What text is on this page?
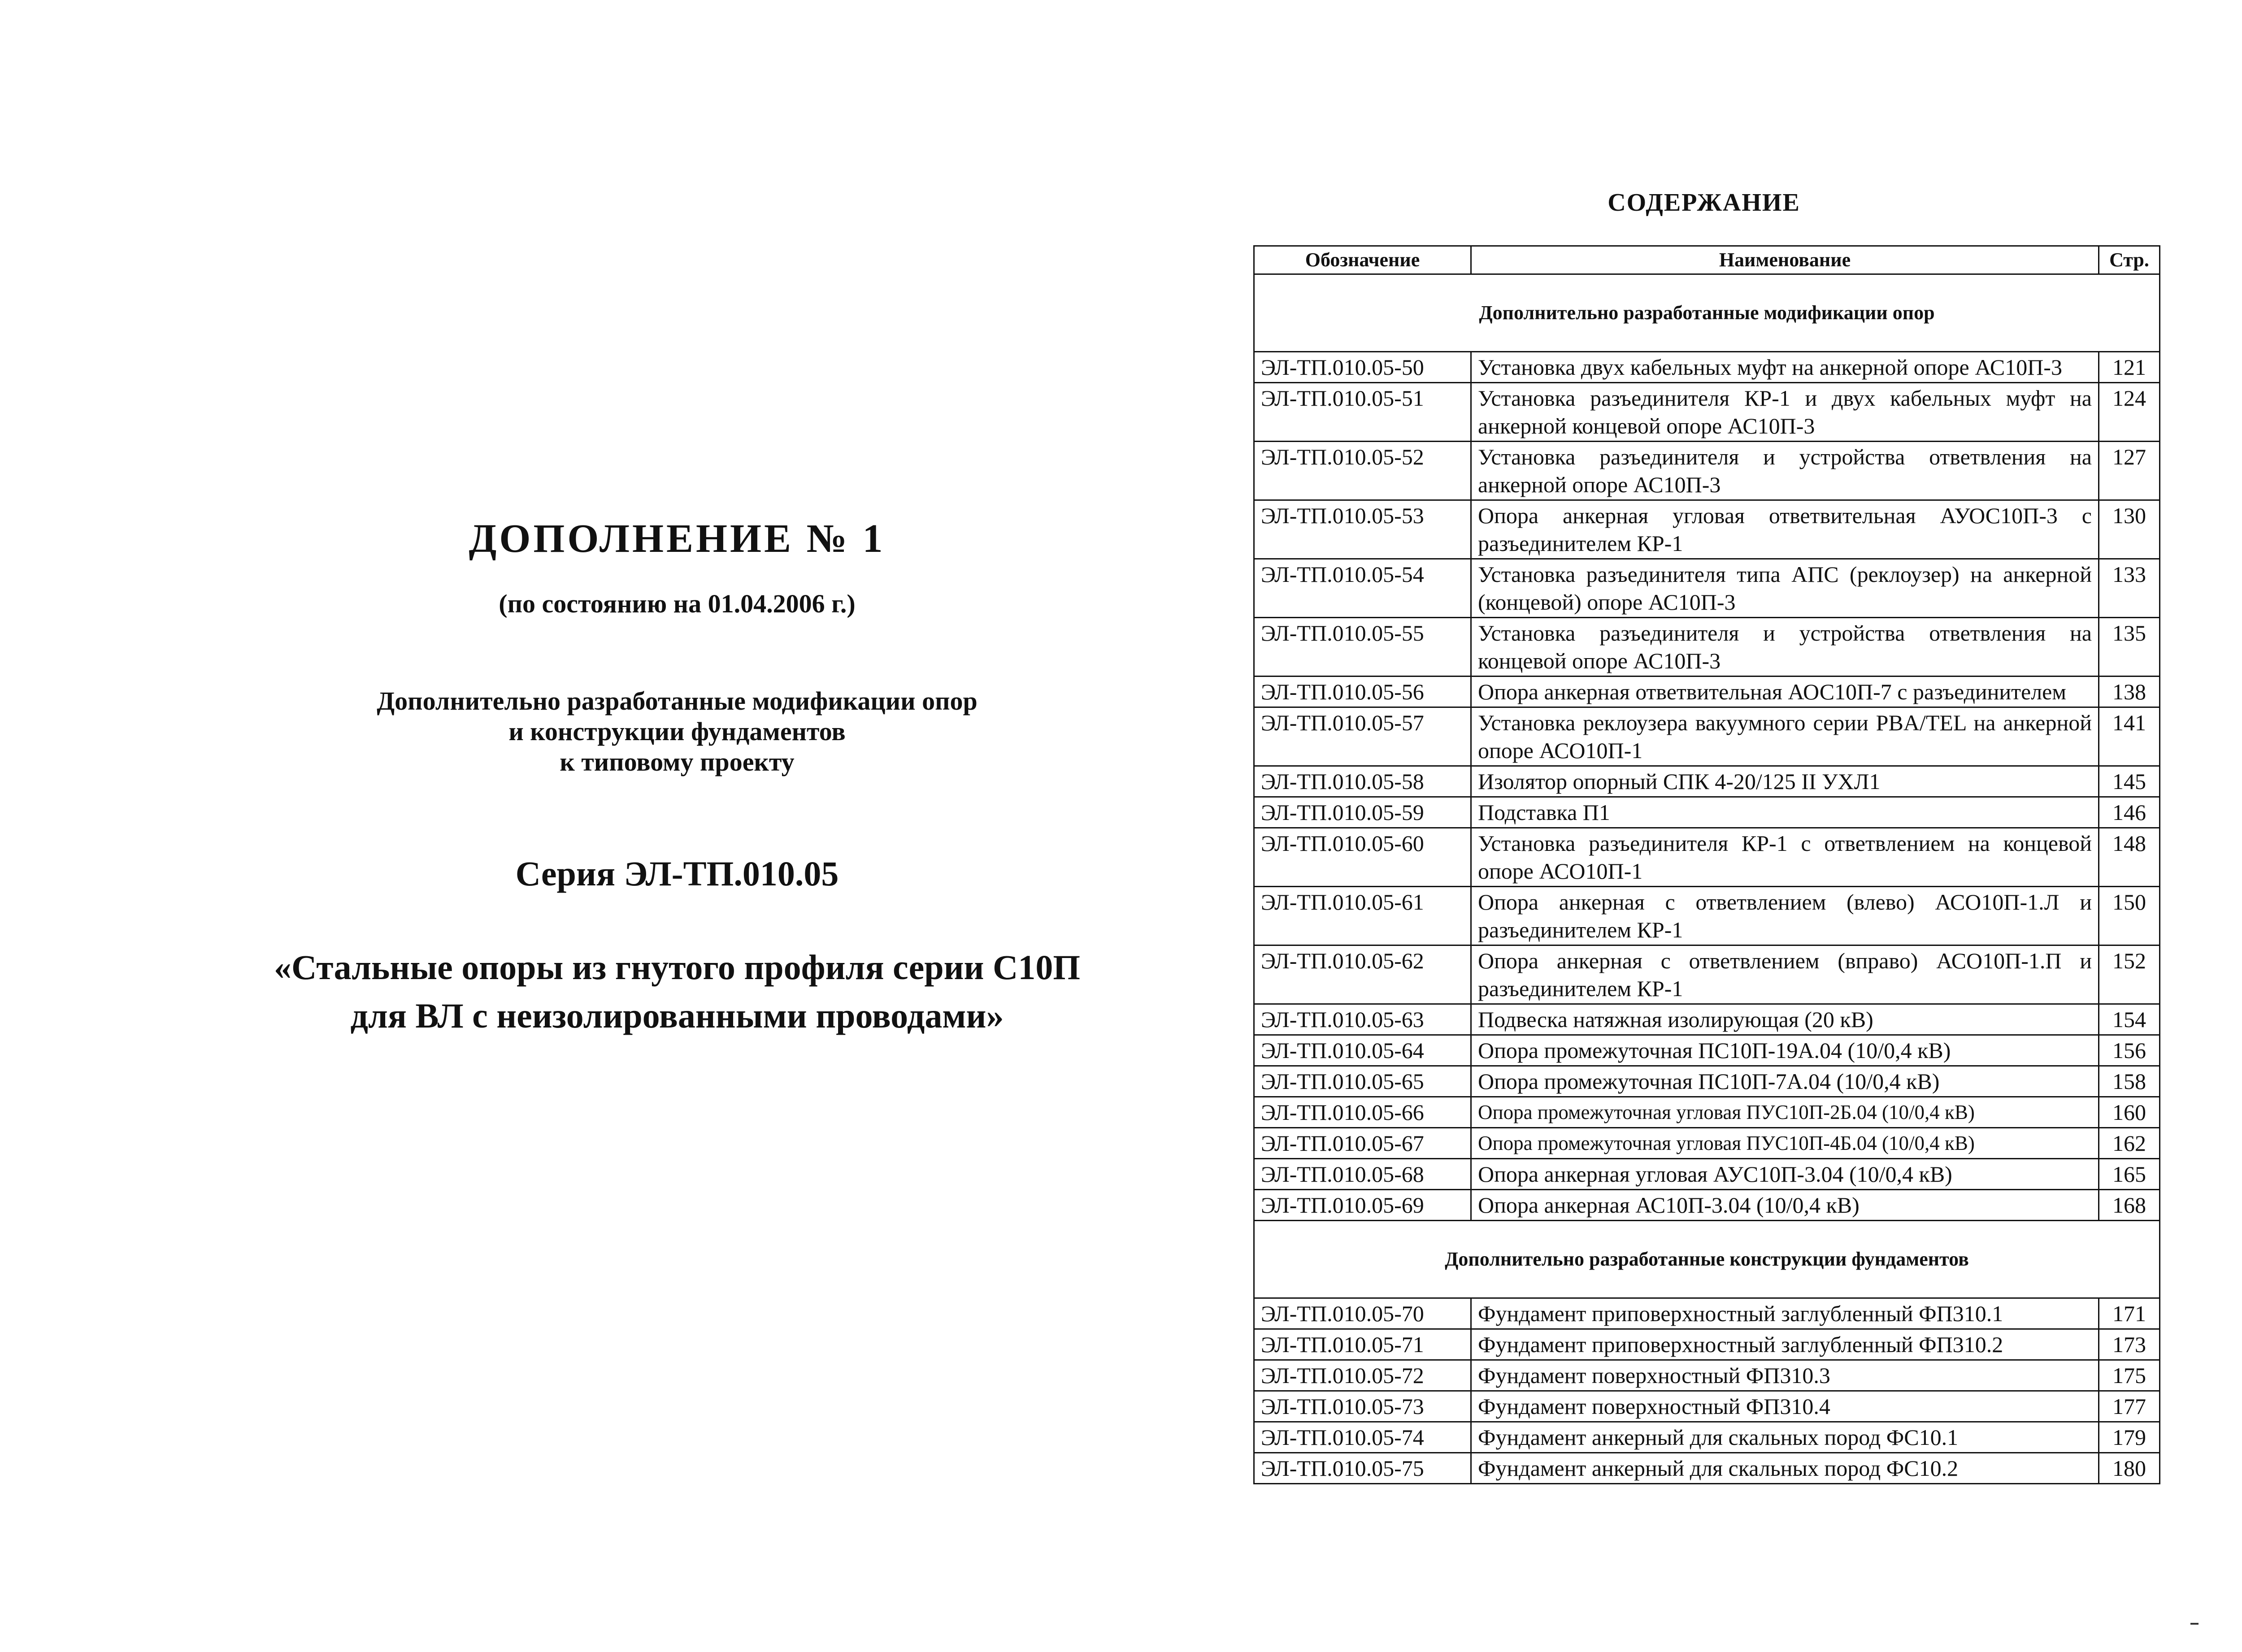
ДОПОЛНЕНИЕ № 1
(по состоянию на 01.04.2006 г.)
Дополнительно разработанные модификации опор
и конструкции фундаментов
к типовому проекту
Серия ЭЛ-ТП.010.05
«Стальные опоры из гнутого профиля серии С10П
для ВЛ с неизолированными проводами»
СОДЕРЖАНИЕ
Обозначение	Наименование	Стр.
Дополнительно разработанные модификации опор		
ЭЛ-ТП.010.05-50	Установка двух кабельных муфт на анкерной опоре АС10П-3	121
ЭЛ-ТП.010.05-51	Установка разъединителя КР-1 и двух кабельных муфт на анкерной концевой опоре АС10П-3	124
ЭЛ-ТП.010.05-52	Установка разъединителя и устройства ответвления на анкерной опоре АС10П-3	127
ЭЛ-ТП.010.05-53	Опора анкерная угловая ответвительная АУОС10П-3 с разъединителем КР-1	130
ЭЛ-ТП.010.05-54	Установка разъединителя типа АПС (реклоузер) на анкерной (концевой) опоре АС10П-3	133
ЭЛ-ТП.010.05-55	Установка разъединителя и устройства ответвления на концевой опоре АС10П-3	135
ЭЛ-ТП.010.05-56	Опора анкерная ответвительная АОС10П-7 с разъединителем	138
ЭЛ-ТП.010.05-57	Установка реклоузера вакуумного серии PBA/TEL на анкерной опоре АСО10П-1	141
ЭЛ-ТП.010.05-58	Изолятор опорный СПК 4-20/125 II УХЛ1	145
ЭЛ-ТП.010.05-59	Подставка П1	146
ЭЛ-ТП.010.05-60	Установка разъединителя КР-1 с ответвлением на концевой опоре АСО10П-1	148
ЭЛ-ТП.010.05-61	Опора анкерная с ответвлением (влево) АСО10П-1.Л и разъединителем КР-1	150
ЭЛ-ТП.010.05-62	Опора анкерная с ответвлением (вправо) АСО10П-1.П и разъединителем КР-1	152
ЭЛ-ТП.010.05-63	Подвеска натяжная изолирующая (20 кВ)	154
ЭЛ-ТП.010.05-64	Опора промежуточная ПС10П-19А.04 (10/0,4 кВ)	156
ЭЛ-ТП.010.05-65	Опора промежуточная ПС10П-7А.04 (10/0,4 кВ)	158
ЭЛ-ТП.010.05-66	Опора промежуточная угловая ПУС10П-2Б.04 (10/0,4 кВ)	160
ЭЛ-ТП.010.05-67	Опора промежуточная угловая ПУС10П-4Б.04 (10/0,4 кВ)	162
ЭЛ-ТП.010.05-68	Опора анкерная угловая АУС10П-3.04 (10/0,4 кВ)	165
ЭЛ-ТП.010.05-69	Опора анкерная АС10П-3.04 (10/0,4 кВ)	168
Дополнительно разработанные конструкции фундаментов		
ЭЛ-ТП.010.05-70	Фундамент приповерхностный заглубленный ФП310.1	171
ЭЛ-ТП.010.05-71	Фундамент приповерхностный заглубленный ФП310.2	173
ЭЛ-ТП.010.05-72	Фундамент поверхностный ФП310.3	175
ЭЛ-ТП.010.05-73	Фундамент поверхностный ФП310.4	177
ЭЛ-ТП.010.05-74	Фундамент анкерный для скальных пород ФС10.1	179
ЭЛ-ТП.010.05-75	Фундамент анкерный для скальных пород ФС10.2	180
